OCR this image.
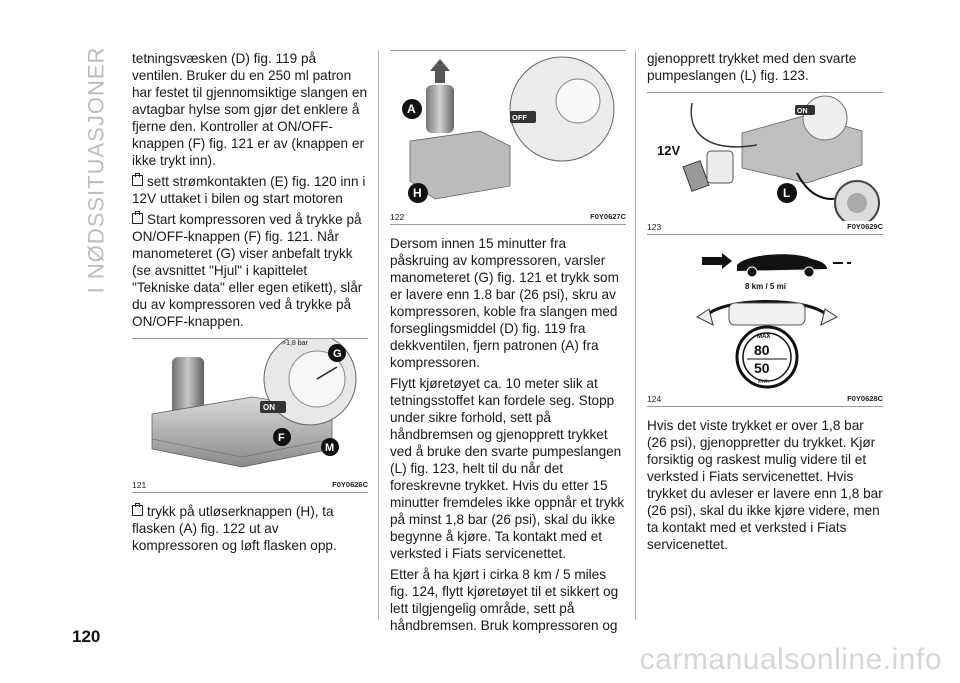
I NØDSSITUASJONER
120
carmanualsonline.info

tetningsvæsken (D) fig. 119 på ventilen. Bruker du en 250 ml patron har festet til gjennomsiktige slangen en avtagbar hylse som gjør det enklere å fjerne den. Kontroller at ON/OFF-knappen (F) fig. 121 er av (knappen er ikke trykt inn).

sett strømkontakten (E) fig. 120 inn i 12V uttaket i bilen og start motoren

Start kompressoren ved å trykke på ON/OFF-knappen (F) fig. 121. Når manometeret (G) viser anbefalt trykk (se avsnittet "Hjul" i kapittelet "Tekniske data" eller egen etikett), slår du av kompressoren ved å trykke på ON/OFF-knappen.

ON
>1,8 bar
G
F
M
121	F0Y0626C

trykk på utløserknappen (H), ta flasken (A) fig. 122 ut av kompressoren og løft flasken opp.

OFF
A
H
122	F0Y0627C

Dersom innen 15 minutter fra påskruing av kompressoren, varsler manometeret (G) fig. 121 et trykk som er lavere enn 1.8 bar (26 psi), skru av kompressoren, koble fra slangen med forseglingsmiddel (D) fig. 119 fra dekkventilen, fjern patronen (A) fra kompressoren.

Flytt kjøretøyet ca. 10 meter slik at tetningsstoffet kan fordele seg. Stopp under sikre forhold, sett på håndbremsen og gjenopprett trykket ved å bruke den svarte pumpeslangen (L) fig. 123, helt til du når det foreskrevne trykket. Hvis du etter 15 minutter fremdeles ikke oppnår et trykk på minst 1,8 bar (26 psi), skal du ikke begynne å kjøre. Ta kontakt med et verksted i Fiats servicenettet.

Etter å ha kjørt i cirka 8 km / 5 miles fig. 124, flytt kjøretøyet til et sikkert og lett tilgjengelig område, sett på håndbremsen. Bruk kompressoren og

gjenopprett trykket med den svarte pumpeslangen (L) fig. 123.

ON
12V
L
123	F0Y0629C
8 km / 5 mi
MAX
80
50
km/h
124	F0Y0628C

Hvis det viste trykket er over 1,8 bar (26 psi), gjenoppretter du trykket. Kjør forsiktig og raskest mulig videre til et verksted i Fiats servicenettet. Hvis trykket du avleser er lavere enn 1,8 bar (26 psi), skal du ikke kjøre videre, men ta kontakt med et verksted i Fiats servicenettet.
